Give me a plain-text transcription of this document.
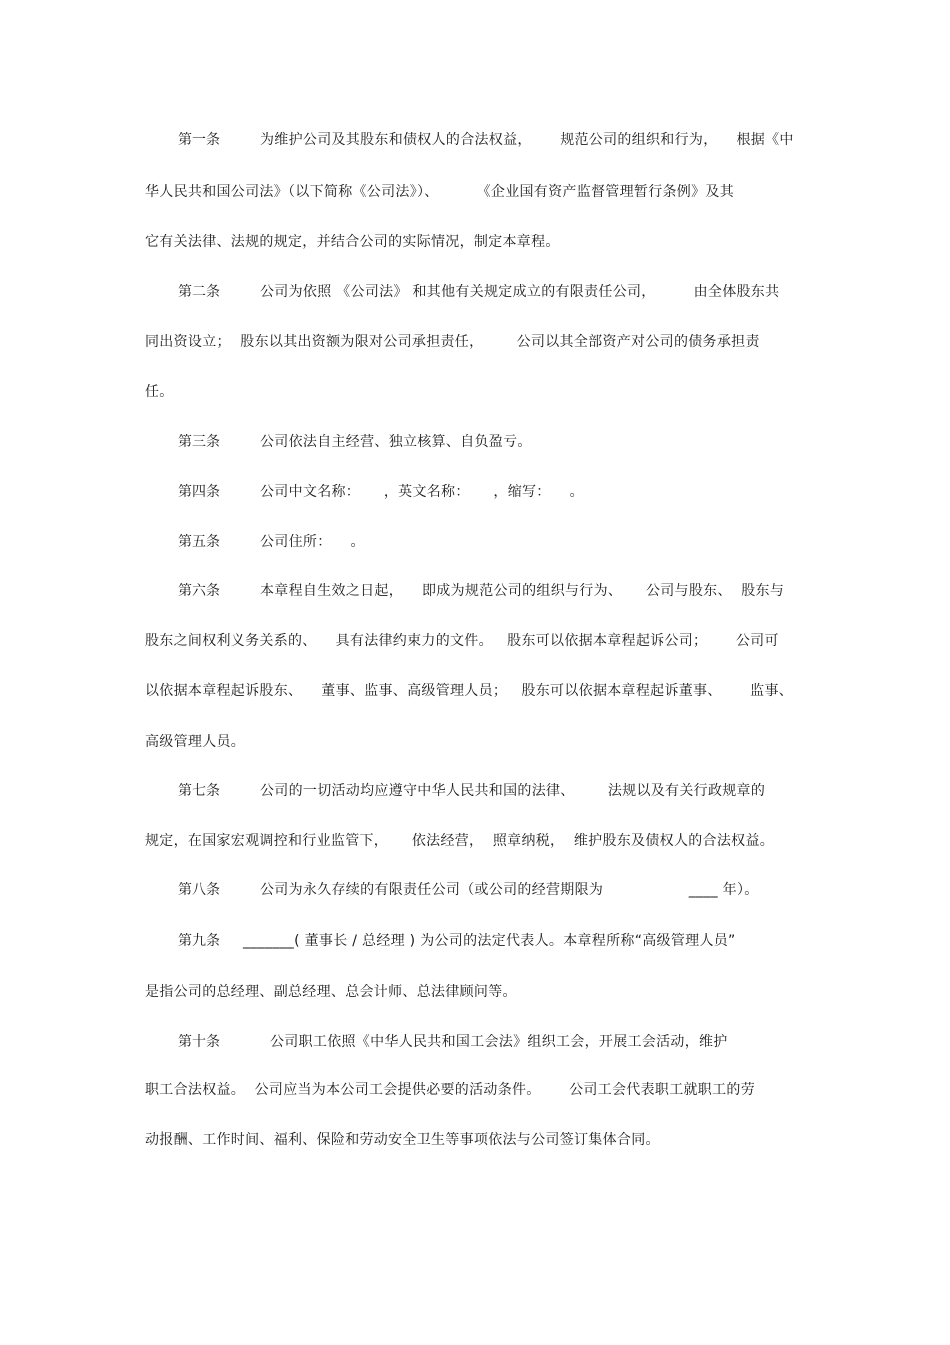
第一条	为维护公司及其股东和债权人的合法权益，      规范公司的组织和行为，    根据《中
华人民共和国公司法》（以下简称《公司法》）、        《企业国有资产监督管理暂行条例》及其
它有关法律、法规的规定，并结合公司的实际情况，制定本章程。
第二条	公司为依照 《公司法》 和其他有关规定成立的有限责任公司，        由全体股东共
同出资设立；  股东以其出资额为限对公司承担责任，       公司以其全部资产对公司的债务承担责
任。
第三条	公司依法自主经营、独立核算、自负盈亏。
第四条	公司中文名称：     ，英文名称：     ，缩写：    。
第五条	公司住所：    。
第六条	本章程自生效之日起，    即成为规范公司的组织与行为、     公司与股东、  股东与
股东之间权利义务关系的、    具有法律约束力的文件。   股东可以依据本章程起诉公司；      公司可
以依据本章程起诉股东、    董事、监事、高级管理人员；   股东可以依据本章程起诉董事、      监事、
高级管理人员。
第七条	公司的一切活动均应遵守中华人民共和国的法律、       法规以及有关行政规章的
规定，在国家宏观调控和行业监管下，     依法经营，  照章纳税，  维护股东及债权人的合法权益。
第八条	公司为永久存续的有限责任公司（或公司的经营期限为                  ____ 年）。
第九条 _______( 董事长 / 总经理 ) 为公司的法定代表人。本章程所称“高级管理人员”
是指公司的总经理、副总经理、总会计师、总法律顾问等。
第十条	公司职工依照《中华人民共和国工会法》组织工会，开展工会活动，维护
职工合法权益。  公司应当为本公司工会提供必要的活动条件。      公司工会代表职工就职工的劳
动报酬、工作时间、福利、保险和劳动安全卫生等事项依法与公司签订集体合同。
